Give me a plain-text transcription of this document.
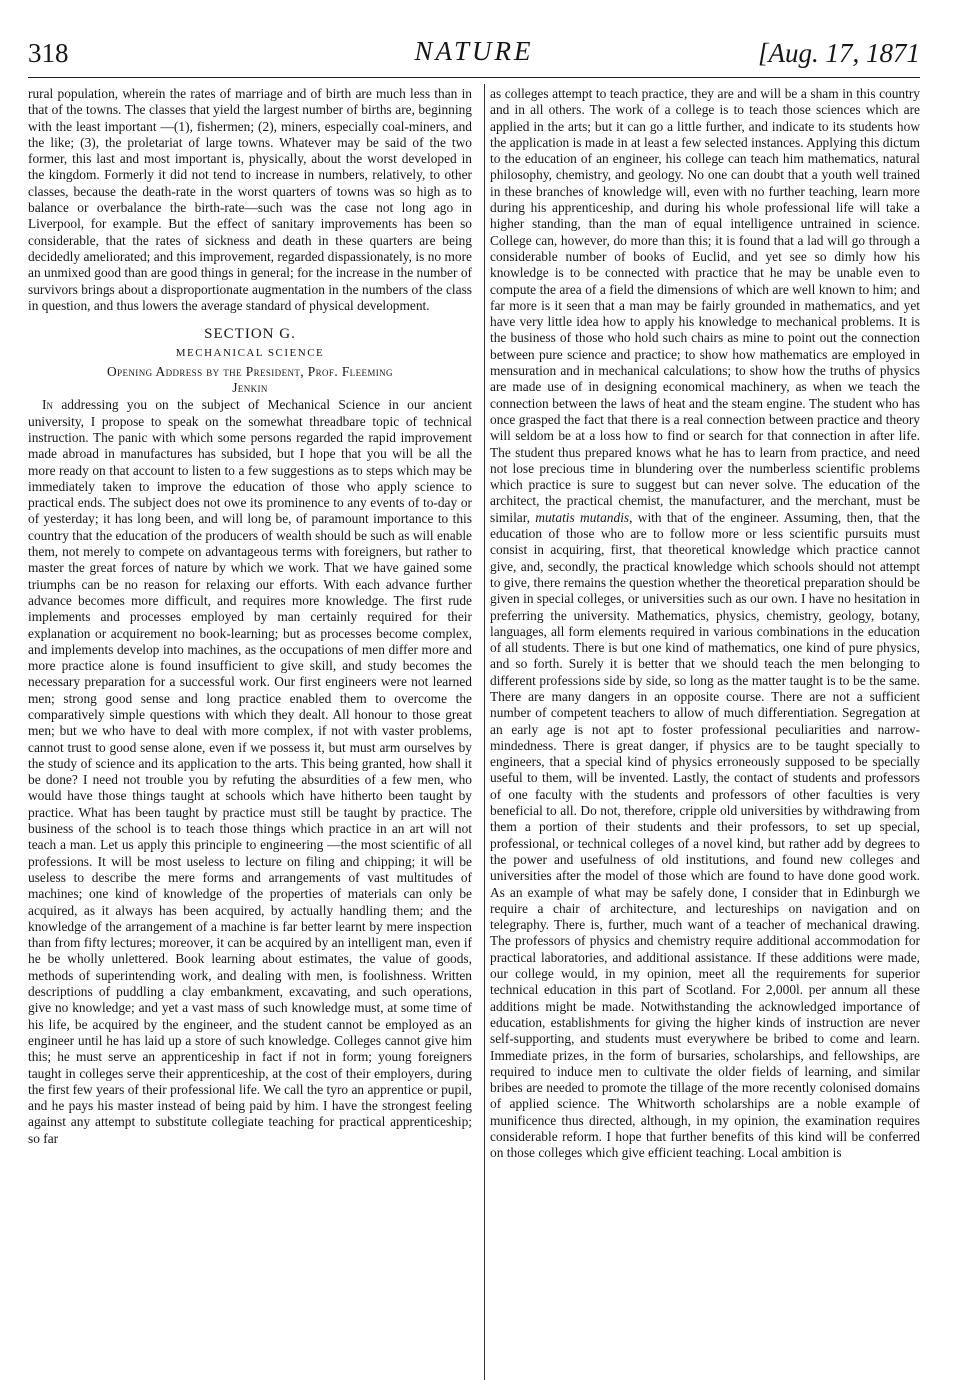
318	NATURE	[Aug. 17, 1871

rural population, wherein the rates of marriage and of birth are much less than in that of the towns. The classes that yield the largest number of births are, beginning with the least important —(1), fishermen; (2), miners, especially coal-miners, and the like; (3), the proletariat of large towns. Whatever may be said of the two former, this last and most important is, physically, about the worst developed in the kingdom. Formerly it did not tend to increase in numbers, relatively, to other classes, because the death-rate in the worst quarters of towns was so high as to balance or overbalance the birth-rate—such was the case not long ago in Liverpool, for example. But the effect of sanitary improvements has been so considerable, that the rates of sickness and death in these quarters are being decidedly ameliorated; and this improvement, regarded dispassionately, is no more an unmixed good than are good things in general; for the increase in the number of survivors brings about a disproportionate augmentation in the numbers of the class in question, and thus lowers the average standard of physical development.

SECTION G.
MECHANICAL SCIENCE
Opening Address by the President, Prof. Fleeming
Jenkin

In addressing you on the subject of Mechanical Science in our ancient university, I propose to speak on the somewhat threadbare topic of technical instruction. The panic with which some persons regarded the rapid improvement made abroad in manufactures has subsided, but I hope that you will be all the more ready on that account to listen to a few suggestions as to steps which may be immediately taken to improve the education of those who apply science to practical ends. The subject does not owe its prominence to any events of to-day or of yesterday; it has long been, and will long be, of paramount importance to this country that the education of the producers of wealth should be such as will enable them, not merely to compete on advantageous terms with foreigners, but rather to master the great forces of nature by which we work. That we have gained some triumphs can be no reason for relaxing our efforts. With each advance further advance becomes more difficult, and requires more knowledge. The first rude implements and processes employed by man certainly required for their explanation or acquirement no book-learning; but as processes become complex, and implements develop into machines, as the occupations of men differ more and more practice alone is found insufficient to give skill, and study becomes the necessary preparation for a successful work. Our first engineers were not learned men; strong good sense and long practice enabled them to overcome the comparatively simple questions with which they dealt. All honour to those great men; but we who have to deal with more complex, if not with vaster problems, cannot trust to good sense alone, even if we possess it, but must arm ourselves by the study of science and its application to the arts. This being granted, how shall it be done? I need not trouble you by refuting the absurdities of a few men, who would have those things taught at schools which have hitherto been taught by practice. What has been taught by practice must still be taught by practice. The business of the school is to teach those things which practice in an art will not teach a man. Let us apply this principle to engineering —the most scientific of all professions. It will be most useless to lecture on filing and chipping; it will be useless to describe the mere forms and arrangements of vast multitudes of machines; one kind of knowledge of the properties of materials can only be acquired, as it always has been acquired, by actually handling them; and the knowledge of the arrangement of a machine is far better learnt by mere inspection than from fifty lectures; moreover, it can be acquired by an intelligent man, even if he be wholly unlettered. Book learning about estimates, the value of goods, methods of superintending work, and dealing with men, is foolishness. Written descriptions of puddling a clay embankment, excavating, and such operations, give no knowledge; and yet a vast mass of such knowledge must, at some time of his life, be acquired by the engineer, and the student cannot be employed as an engineer until he has laid up a store of such knowledge. Colleges cannot give him this; he must serve an apprenticeship in fact if not in form; young foreigners taught in colleges serve their apprenticeship, at the cost of their employers, during the first few years of their professional life. We call the tyro an apprentice or pupil, and he pays his master instead of being paid by him. I have the strongest feeling against any attempt to substitute collegiate teaching for practical apprenticeship; so far

as colleges attempt to teach practice, they are and will be a sham in this country and in all others. The work of a college is to teach those sciences which are applied in the arts; but it can go a little further, and indicate to its students how the application is made in at least a few selected instances. Applying this dictum to the education of an engineer, his college can teach him mathematics, natural philosophy, chemistry, and geology. No one can doubt that a youth well trained in these branches of knowledge will, even with no further teaching, learn more during his apprenticeship, and during his whole professional life will take a higher standing, than the man of equal intelligence untrained in science. College can, however, do more than this; it is found that a lad will go through a considerable number of books of Euclid, and yet see so dimly how his knowledge is to be connected with practice that he may be unable even to compute the area of a field the dimensions of which are well known to him; and far more is it seen that a man may be fairly grounded in mathematics, and yet have very little idea how to apply his knowledge to mechanical problems. It is the business of those who hold such chairs as mine to point out the connection between pure science and practice; to show how mathematics are employed in mensuration and in mechanical calculations; to show how the truths of physics are made use of in designing economical machinery, as when we teach the connection between the laws of heat and the steam engine. The student who has once grasped the fact that there is a real connection between practice and theory will seldom be at a loss how to find or search for that connection in after life. The student thus prepared knows what he has to learn from practice, and need not lose precious time in blundering over the numberless scientific problems which practice is sure to suggest but can never solve. The education of the architect, the practical chemist, the manufacturer, and the merchant, must be similar, mutatis mutandis, with that of the engineer. Assuming, then, that the education of those who are to follow more or less scientific pursuits must consist in acquiring, first, that theoretical knowledge which practice cannot give, and, secondly, the practical knowledge which schools should not attempt to give, there remains the question whether the theoretical preparation should be given in special colleges, or universities such as our own. I have no hesitation in preferring the university. Mathematics, physics, chemistry, geology, botany, languages, all form elements required in various combinations in the education of all students. There is but one kind of mathematics, one kind of pure physics, and so forth. Surely it is better that we should teach the men belonging to different professions side by side, so long as the matter taught is to be the same. There are many dangers in an opposite course. There are not a sufficient number of competent teachers to allow of much differentiation. Segregation at an early age is not apt to foster professional peculiarities and narrow-mindedness. There is great danger, if physics are to be taught specially to engineers, that a special kind of physics erroneously supposed to be specially useful to them, will be invented. Lastly, the contact of students and professors of one faculty with the students and professors of other faculties is very beneficial to all. Do not, therefore, cripple old universities by withdrawing from them a portion of their students and their professors, to set up special, professional, or technical colleges of a novel kind, but rather add by degrees to the power and usefulness of old institutions, and found new colleges and universities after the model of those which are found to have done good work. As an example of what may be safely done, I consider that in Edinburgh we require a chair of architecture, and lectureships on navigation and on telegraphy. There is, further, much want of a teacher of mechanical drawing. The professors of physics and chemistry require additional accommodation for practical laboratories, and additional assistance. If these additions were made, our college would, in my opinion, meet all the requirements for superior technical education in this part of Scotland. For 2,000l. per annum all these additions might be made. Notwithstanding the acknowledged importance of education, establishments for giving the higher kinds of instruction are never self-supporting, and students must everywhere be bribed to come and learn. Immediate prizes, in the form of bursaries, scholarships, and fellowships, are required to induce men to cultivate the older fields of learning, and similar bribes are needed to promote the tillage of the more recently colonised domains of applied science. The Whitworth scholarships are a noble example of munificence thus directed, although, in my opinion, the examination requires considerable reform. I hope that further benefits of this kind will be conferred on those colleges which give efficient teaching. Local ambition is
